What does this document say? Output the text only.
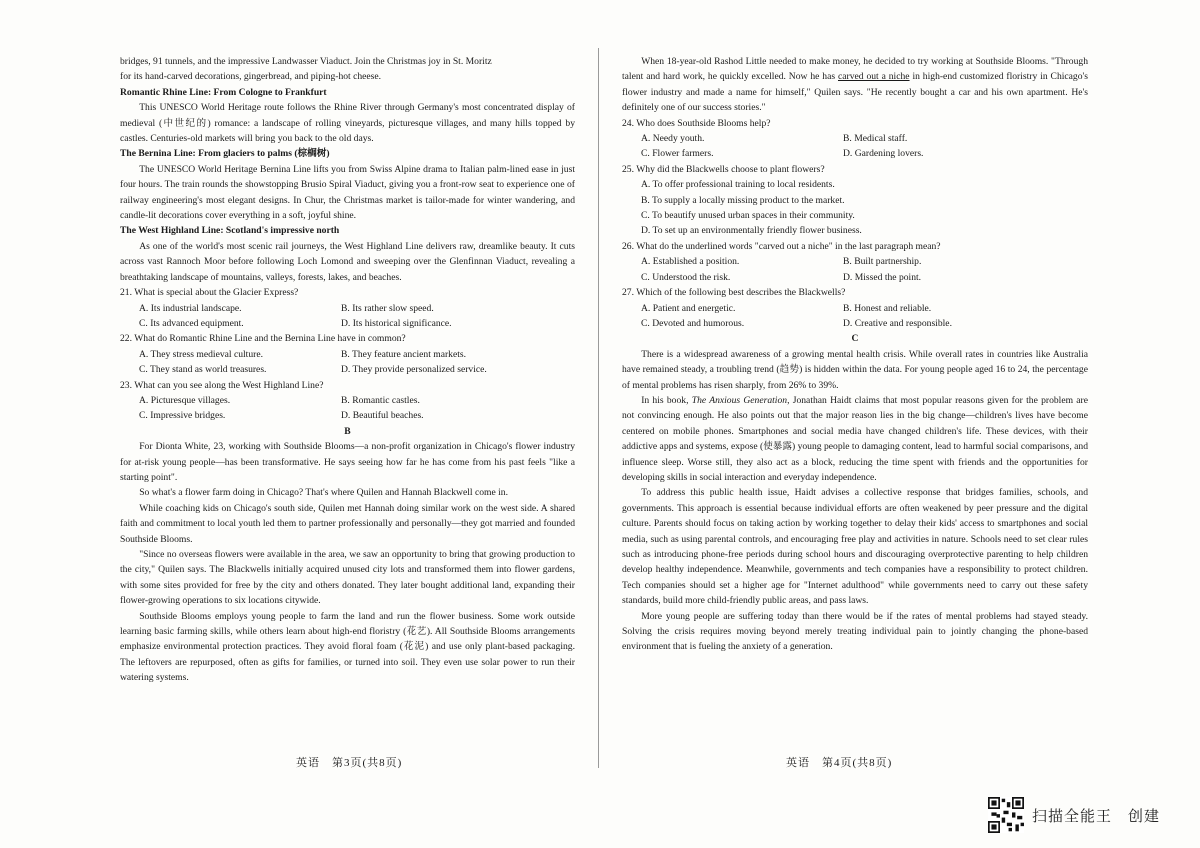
bridges, 91 tunnels, and the impressive Landwasser Viaduct. Join the Christmas joy in St. Moritz

for its hand-carved decorations, gingerbread, and piping-hot cheese.

Romantic Rhine Line: From Cologne to Frankfurt

This UNESCO World Heritage route follows the Rhine River through Germany's most concentrated display of medieval (中世纪的) romance: a landscape of rolling vineyards, picturesque villages, and many hills topped by castles. Centuries-old markets will bring you back to the old days.

The Bernina Line: From glaciers to palms (棕榈树)

The UNESCO World Heritage Bernina Line lifts you from Swiss Alpine drama to Italian palm-lined ease in just four hours. The train rounds the showstopping Brusio Spiral Viaduct, giving you a front-row seat to experience one of railway engineering's most elegant designs. In Chur, the Christmas market is tailor-made for winter wandering, and candle-lit decorations cover everything in a soft, joyful shine.

The West Highland Line: Scotland's impressive north

As one of the world's most scenic rail journeys, the West Highland Line delivers raw, dreamlike beauty. It cuts across vast Rannoch Moor before following Loch Lomond and sweeping over the Glenfinnan Viaduct, revealing a breathtaking landscape of mountains, valleys, forests, lakes, and beaches.

21. What is special about the Glacier Express?

A. Its industrial landscape.	B. Its rather slow speed.
C. Its advanced equipment.	D. Its historical significance.

22. What do Romantic Rhine Line and the Bernina Line have in common?

A. They stress medieval culture.	B. They feature ancient markets.
C. They stand as world treasures.	D. They provide personalized service.

23. What can you see along the West Highland Line?

A. Picturesque villages.	B. Romantic castles.
C. Impressive bridges.	D. Beautiful beaches.

B

For Dionta White, 23, working with Southside Blooms—a non-profit organization in Chicago's flower industry for at-risk young people—has been transformative. He says seeing how far he has come from his past feels "like a starting point".

So what's a flower farm doing in Chicago? That's where Quilen and Hannah Blackwell come in.

While coaching kids on Chicago's south side, Quilen met Hannah doing similar work on the west side. A shared faith and commitment to local youth led them to partner professionally and personally—they got married and founded Southside Blooms.

"Since no overseas flowers were available in the area, we saw an opportunity to bring that growing production to the city," Quilen says. The Blackwells initially acquired unused city lots and transformed them into flower gardens, with some sites provided for free by the city and others donated. They later bought additional land, expanding their flower-growing operations to six locations citywide.

Southside Blooms employs young people to farm the land and run the flower business. Some work outside learning basic farming skills, while others learn about high-end floristry (花艺). All Southside Blooms arrangements emphasize environmental protection practices. They avoid floral foam (花泥) and use only plant-based packaging. The leftovers are repurposed, often as gifts for families, or turned into soil. They even use solar power to run their watering systems.

When 18-year-old Rashod Little needed to make money, he decided to try working at Southside Blooms. "Through talent and hard work, he quickly excelled. Now he has carved out a niche in high-end customized floristry in Chicago's flower industry and made a name for himself," Quilen says. "He recently bought a car and his own apartment. He's definitely one of our success stories."

24. Who does Southside Blooms help?

A. Needy youth.	B. Medical staff.
C. Flower farmers.	D. Gardening lovers.

25. Why did the Blackwells choose to plant flowers?

A. To offer professional training to local residents.
B. To supply a locally missing product to the market.
C. To beautify unused urban spaces in their community.
D. To set up an environmentally friendly flower business.

26. What do the underlined words "carved out a niche" in the last paragraph mean?

A. Established a position.	B. Built partnership.
C. Understood the risk.	D. Missed the point.

27. Which of the following best describes the Blackwells?

A. Patient and energetic.	B. Honest and reliable.
C. Devoted and humorous.	D. Creative and responsible.

C

There is a widespread awareness of a growing mental health crisis. While overall rates in countries like Australia have remained steady, a troubling trend (趋势) is hidden within the data. For young people aged 16 to 24, the percentage of mental problems has risen sharply, from 26% to 39%.

In his book, The Anxious Generation, Jonathan Haidt claims that most popular reasons given for the problem are not convincing enough. He also points out that the major reason lies in the big change—children's lives have become centered on mobile phones. Smartphones and social media have changed children's life. These devices, with their addictive apps and systems, expose (使暴露) young people to damaging content, lead to harmful social comparisons, and influence sleep. Worse still, they also act as a block, reducing the time spent with friends and the opportunities for developing skills in social interaction and everyday independence.

To address this public health issue, Haidt advises a collective response that bridges families, schools, and governments. This approach is essential because individual efforts are often weakened by peer pressure and the digital culture. Parents should focus on taking action by working together to delay their kids' access to smartphones and social media, such as using parental controls, and encouraging free play and activities in nature. Schools need to set clear rules such as introducing phone-free periods during school hours and discouraging overprotective parenting to help children develop healthy independence. Meanwhile, governments and tech companies have a responsibility to protect children. Tech companies should set a higher age for "Internet adulthood" while governments need to carry out these safety standards, build more child-friendly public areas, and pass laws.

More young people are suffering today than there would be if the rates of mental problems had stayed steady. Solving the crisis requires moving beyond merely treating individual pain to jointly changing the phone-based environment that is fueling the anxiety of a generation.

英语　第3页(共8页)	英语　第4页(共8页)
扫描全能王　创建
